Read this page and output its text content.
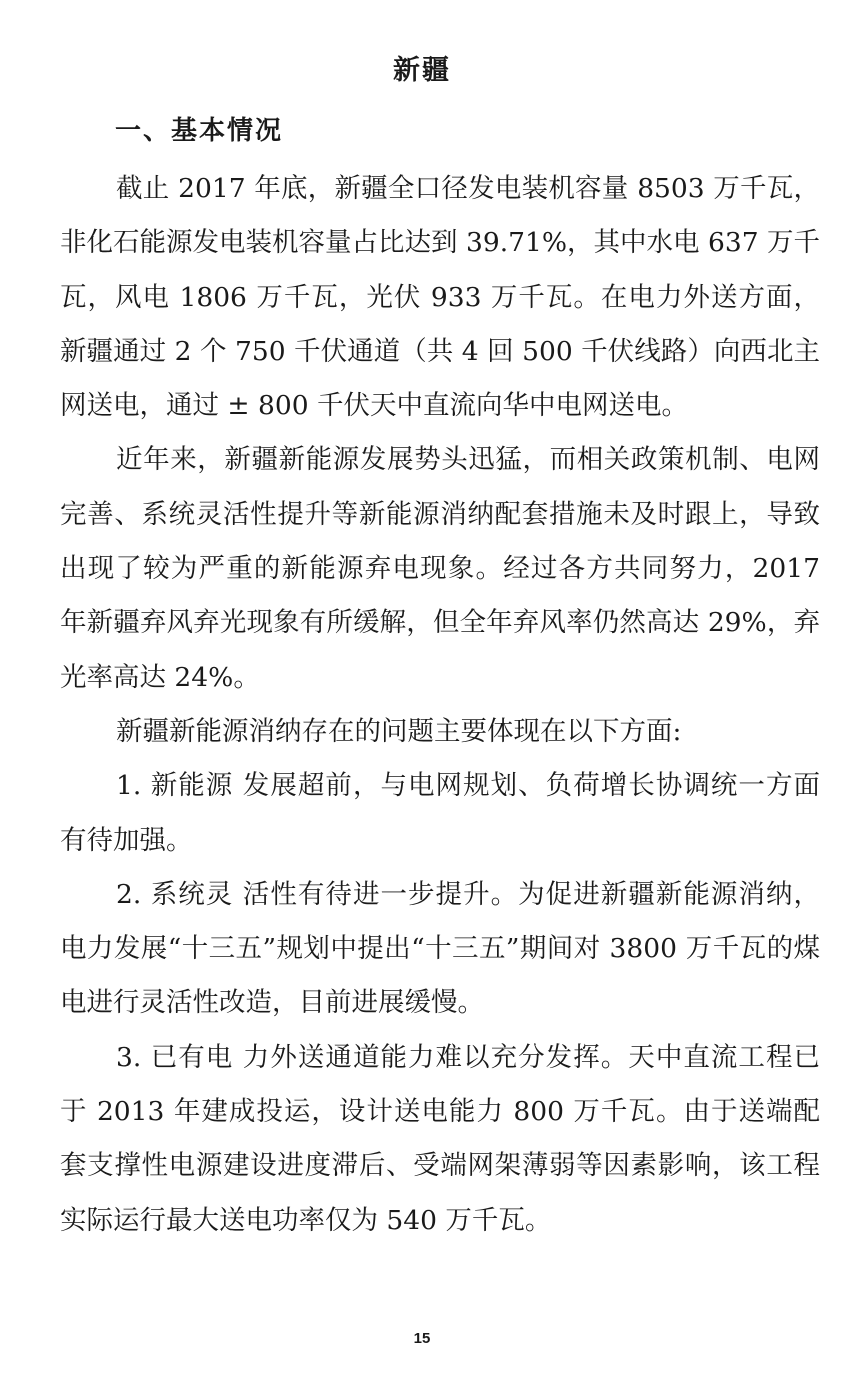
新疆
一、基本情况

截止 2017 年底，新疆全口径发电装机容量 8503 万千瓦，非化石能源发电装机容量占比达到 39.71%，其中水电 637 万千瓦，风电 1806 万千瓦，光伏 933 万千瓦。在电力外送方面，新疆通过 2 个 750 千伏通道（共 4 回 500 千伏线路）向西北主网送电，通过 ± 800 千伏天中直流向华中电网送电。

近年来，新疆新能源发展势头迅猛，而相关政策机制、电网完善、系统灵活性提升等新能源消纳配套措施未及时跟上，导致出现了较为严重的新能源弃电现象。经过各方共同努力，2017 年新疆弃风弃光现象有所缓解，但全年弃风率仍然高达 29%，弃光率高达 24%。

新疆新能源消纳存在的问题主要体现在以下方面:

1. 新能源 发展超前，与电网规划、负荷增长协调统一方面有待加强。

2. 系统灵 活性有待进一步提升。为促进新疆新能源消纳，电力发展“十三五”规划中提出“十三五”期间对 3800 万千瓦的煤电进行灵活性改造，目前进展缓慢。

3. 已有电 力外送通道能力难以充分发挥。天中直流工程已于 2013 年建成投运，设计送电能力 800 万千瓦。由于送端配套支撑性电源建设进度滞后、受端网架薄弱等因素影响，该工程实际运行最大送电功率仅为 540 万千瓦。

15
